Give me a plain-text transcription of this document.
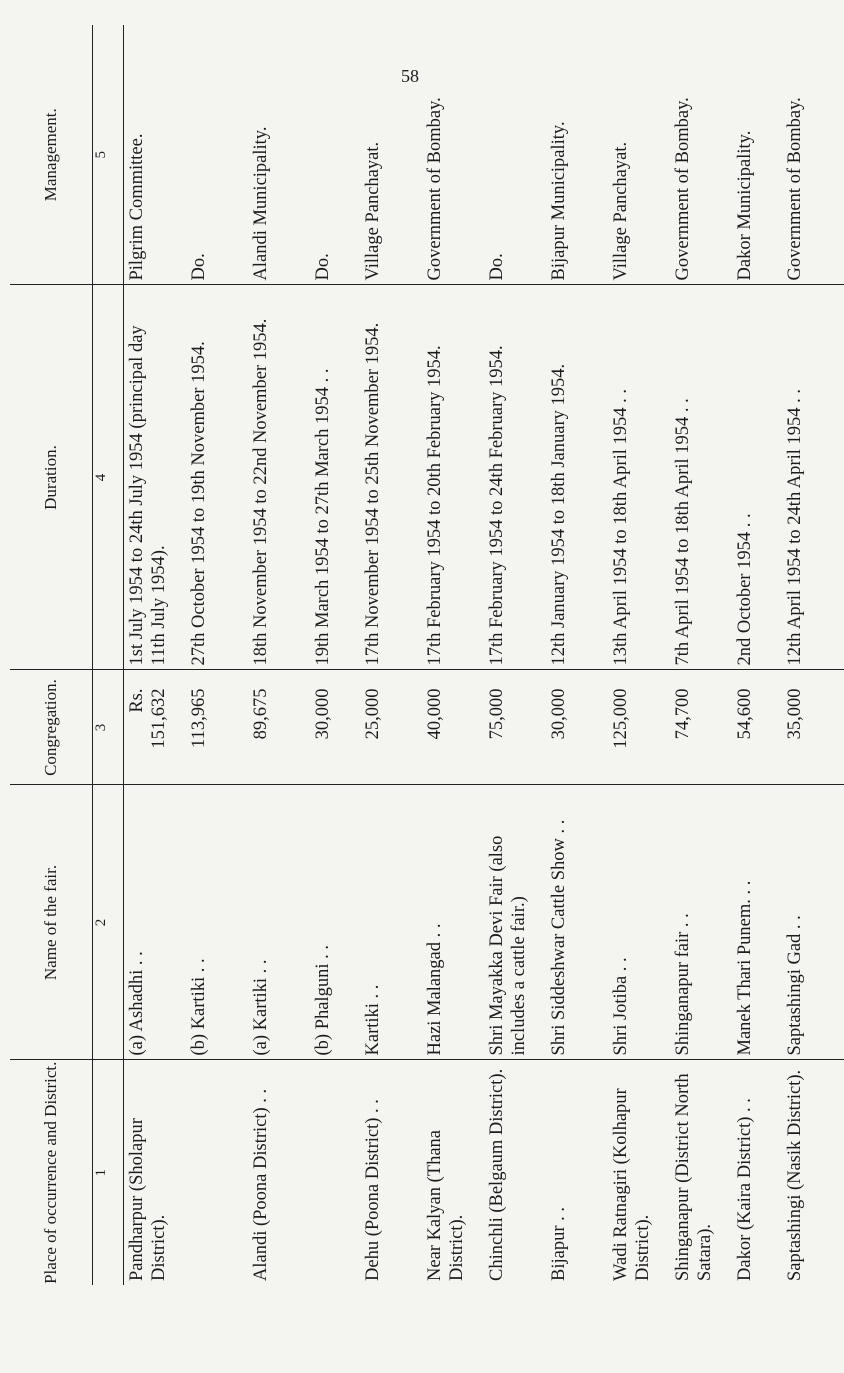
58
Place of occurrence and District.	Name of the fair.	Congregation.	Duration.	Management.
1	2	3	4	5
Pandharpur (Sholapur District).	(a) Ashadhi . .	Rs. 151,632	1st July 1954 to 24th July 1954 (principal day 11th July 1954).	Pilgrim Committee.
	(b) Kartiki . .	113,965	27th October 1954 to 19th November 1954.	Do.
Alandi (Poona District) . .	(a) Kartiki . .	89,675	18th November 1954 to 22nd November 1954.	Alandi Municipality.
	(b) Phalguni . .	30,000	19th March 1954 to 27th March 1954 . .	Do.
Dehu (Poona District) . .	Kartiki . .	25,000	17th November 1954 to 25th November 1954.	Village Panchayat.
Near Kalyan (Thana District).	Hazi Malangad . .	40,000	17th February 1954 to 20th February 1954.	Government of Bombay.
Chinchli (Belgaum District).	Shri Mayakka Devi Fair (also includes a cattle fair.)	75,000	17th February 1954 to 24th February 1954.	Do.
Bijapur . .	Shri Siddeshwar Cattle Show . .	30,000	12th January 1954 to 18th January 1954.	Bijapur Municipality.
Wadi Ratnagiri (Kolhapur District).	Shri Jotiba . .	125,000	13th April 1954 to 18th April 1954 . .	Village Panchayat.
Shinganapur (District North Satara).	Shinganapur fair . .	74,700	7th April 1954 to 18th April 1954 . .	Government of Bombay.
Dakor (Kaira District) . .	Manek Thari Punem. . .	54,600	2nd October 1954 . .	Dakor Municipality.
Saptashingi (Nasik District).	Saptashingi Gad . .	35,000	12th April 1954 to 24th April 1954 . .	Government of Bombay.
